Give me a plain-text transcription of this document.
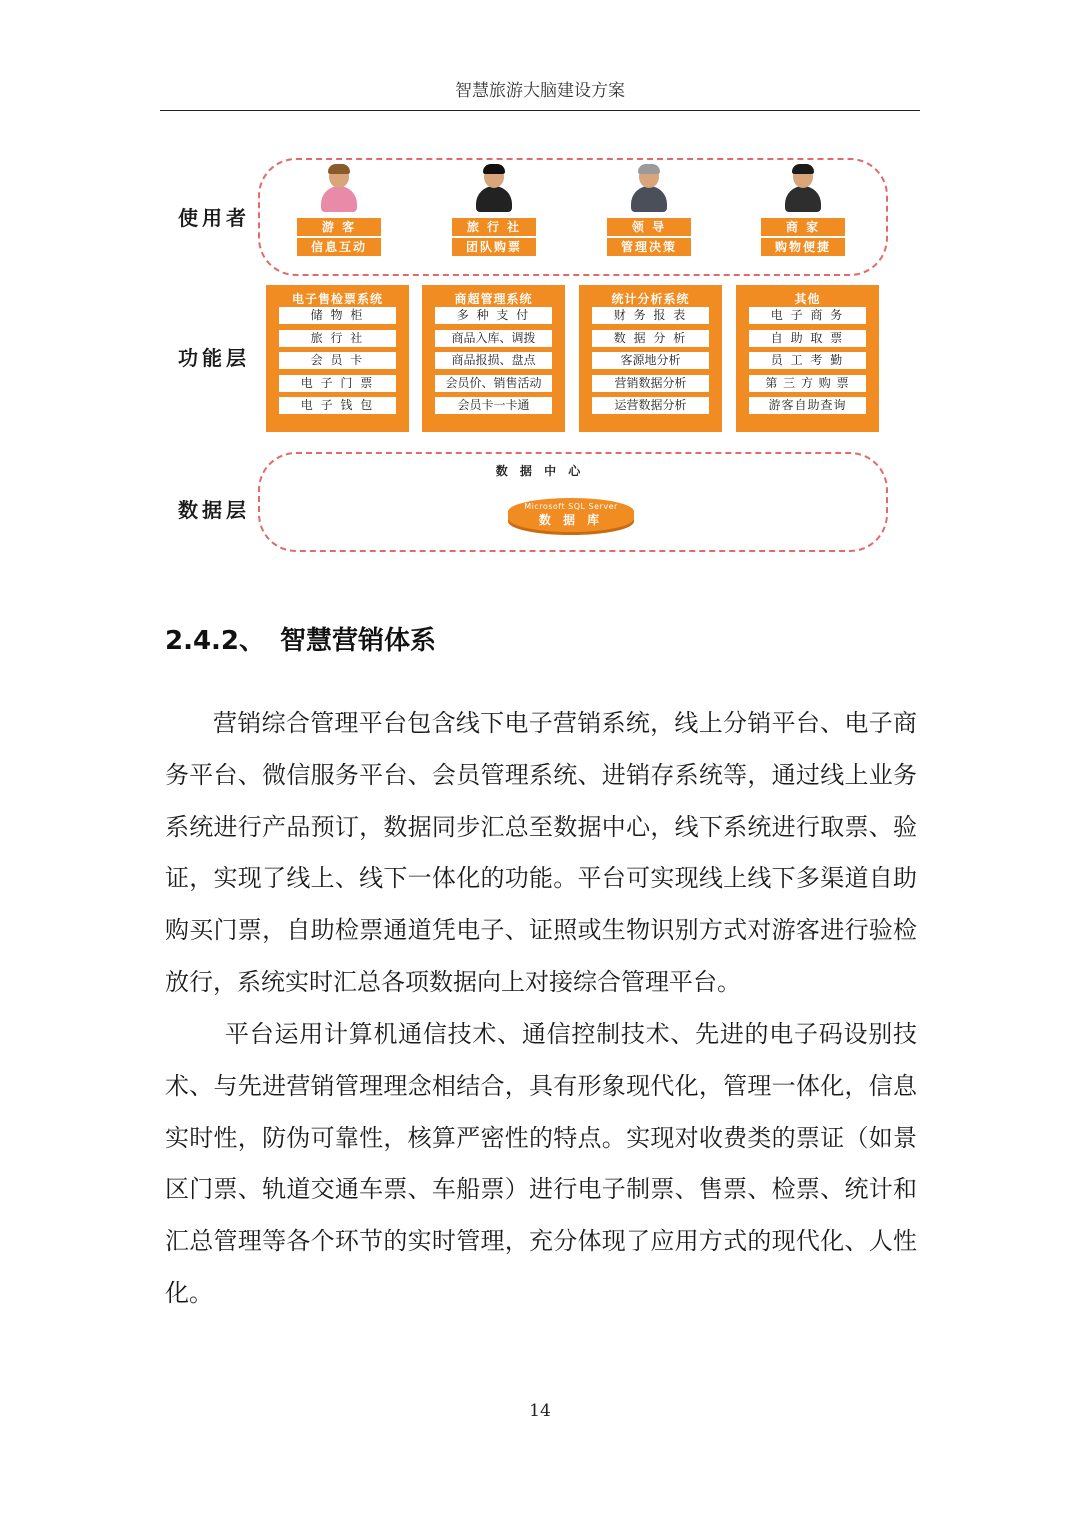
智慧旅游大脑建设方案
使用者	游 客
信息互动
旅 行 社
团队购票
领 导
管理决策
商 家
购物便捷
功能层
电子售检票系统
储 物 柜
旅 行 社
会 员 卡
电 子 门 票
电 子 钱 包
商超管理系统
多 种 支 付
商品入库、调拨
商品报损、盘点
会员价、销售活动
会员卡一卡通
统计分析系统
财 务 报 表
数 据 分 析
客源地分析
营销数据分析
运营数据分析
其他
电 子 商 务
自 助 取 票
员 工 考 勤
第 三 方 购 票
游客自助查询
数据层
数 据 中 心
Microsoft SQL Server
数 据 库
2.4.2、 智慧营销体系
营销综合管理平台包含线下电子营销系统，线上分销平台、电子商务平台、微信服务平台、会员管理系统、进销存系统等，通过线上业务系统进行产品预订，数据同步汇总至数据中心，线下系统进行取票、验证，实现了线上、线下一体化的功能。平台可实现线上线下多渠道自助购买门票，自助检票通道凭电子、证照或生物识别方式对游客进行验检放行，系统实时汇总各项数据向上对接综合管理平台。
平台运用计算机通信技术、通信控制技术、先进的电子码设别技术、与先进营销管理理念相结合，具有形象现代化，管理一体化，信息实时性，防伪可靠性，核算严密性的特点。实现对收费类的票证（如景区门票、轨道交通车票、车船票）进行电子制票、售票、检票、统计和汇总管理等各个环节的实时管理，充分体现了应用方式的现代化、人性化。
14
